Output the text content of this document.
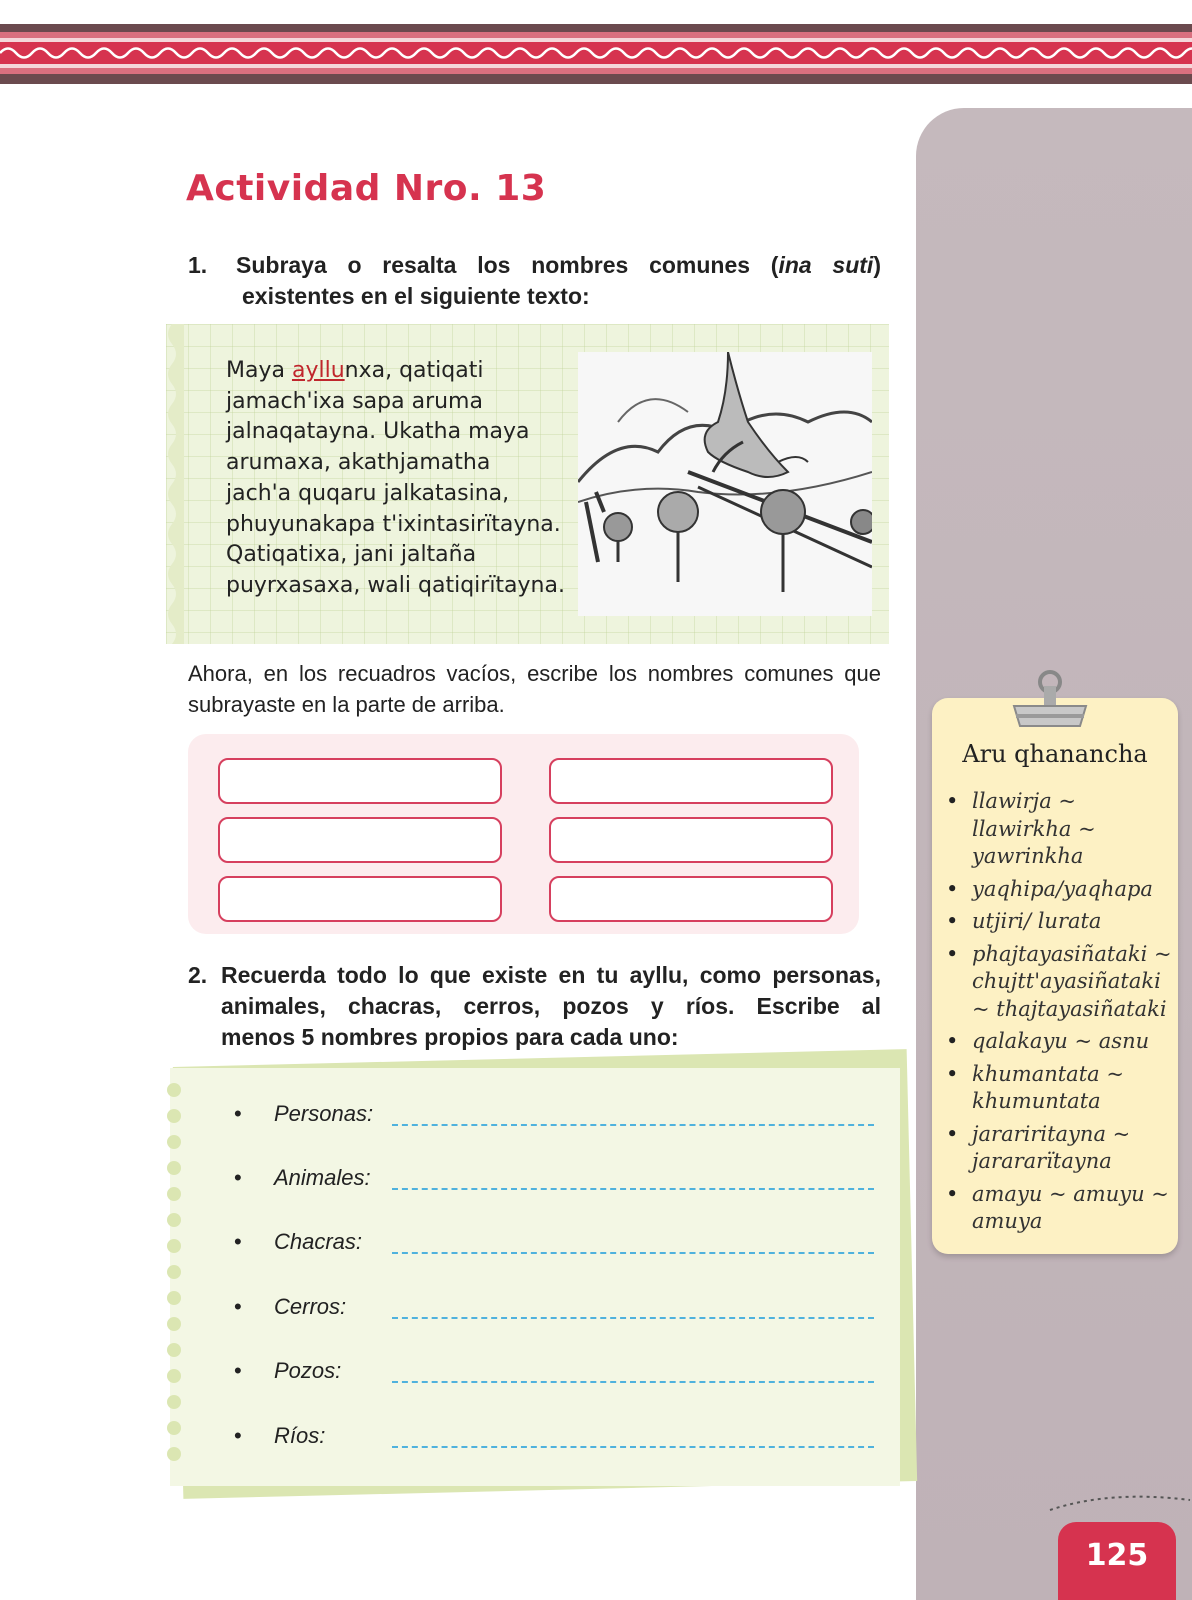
Actividad Nro. 13
1. Subraya o resalta los nombres comunes (ina suti)
existentes en el siguiente texto:
Maya ayllunxa, qatiqati
jamach'ixa sapa aruma
jalnaqatayna. Ukatha maya
arumaxa, akathjamatha
jach'a quqaru jalkatasina,
phuyunakapa t'ixintasirïtayna.
Qatiqatixa, jani jaltaña
puyrxasaxa, wali qatiqirïtayna.
Ahora, en los recuadros vacíos, escribe los nombres comunes que subrayaste en la parte de arriba.
2. Recuerda todo lo que existe en tu ayllu, como personas,
animales, chacras, cerros, pozos y ríos. Escribe al
menos 5 nombres propios para cada uno:
• Personas:
• Animales:
• Chacras:
• Cerros:
• Pozos:
• Ríos:
Aru qhanancha
• llawirja ~ llawirkha ~ yawrinkha
• yaqhipa/yaqhapa
• utjiri/ lurata
• phajtayasiñataki ~ chujtt'ayasiñataki ~ thajtayasiñataki
• qalakayu ~ asnu
• khumantata ~ khumuntata
• jarariritayna ~ jarararïtayna
• amayu ~ amuyu ~ amuya
125
